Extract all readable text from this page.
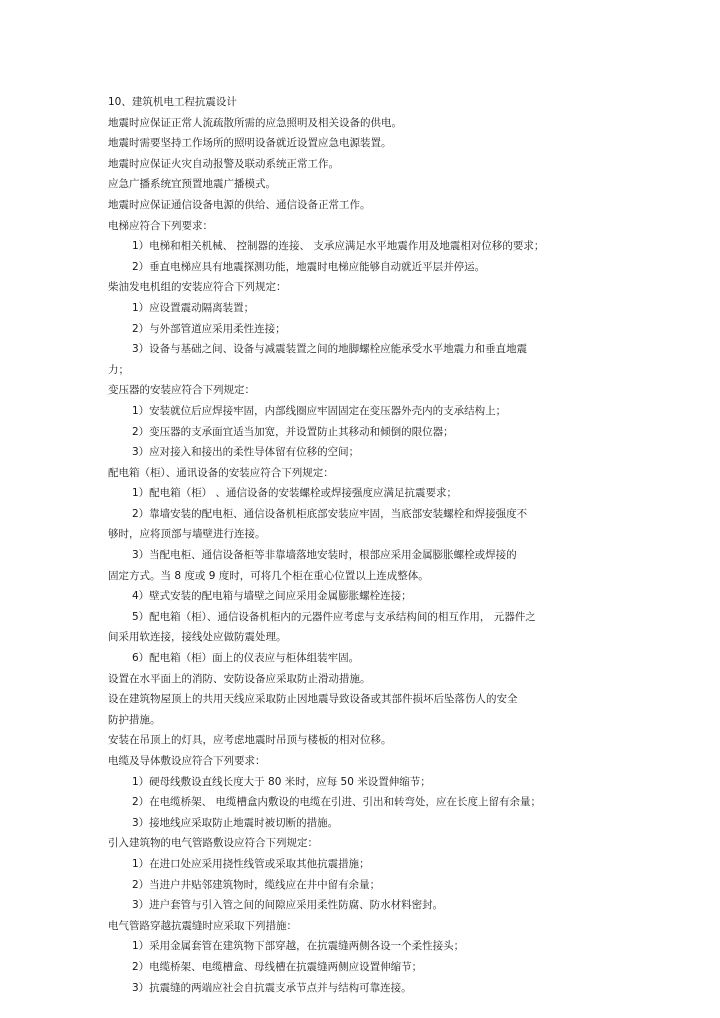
10、建筑机电工程抗震设计
地震时应保证正常人流疏散所需的应急照明及相关设备的供电。
地震时需要坚持工作场所的照明设备就近设置应急电源装置。
地震时应保证火灾自动报警及联动系统正常工作。
应急广播系统宜预置地震广播模式。
地震时应保证通信设备电源的供给、通信设备正常工作。
电梯应符合下列要求：
1）电梯和相关机械、 控制器的连接、 支承应满足水平地震作用及地震相对位移的要求；
2）垂直电梯应具有地震探测功能，地震时电梯应能够自动就近平层并停运。
柴油发电机组的安装应符合下列规定：
1）应设置震动隔离装置；
2）与外部管道应采用柔性连接；
3）设备与基础之间、设备与减震装置之间的地脚螺栓应能承受水平地震力和垂直地震
力；
变压器的安装应符合下列规定：
1）安装就位后应焊接牢固，内部线圈应牢固固定在变压器外壳内的支承结构上；
2）变压器的支承面宜适当加宽，并设置防止其移动和倾倒的限位器；
3）应对接入和接出的柔性导体留有位移的空间；
配电箱（柜）、通讯设备的安装应符合下列规定：
1）配电箱（柜） 、通信设备的安装螺栓或焊接强度应满足抗震要求；
2）靠墙安装的配电柜、通信设备机柜底部安装应牢固，当底部安装螺栓和焊接强度不
够时，应将顶部与墙壁进行连接。
3）当配电柜、通信设备柜等非靠墙落地安装时，根部应采用金属膨胀螺栓或焊接的
固定方式。当 8 度或 9 度时，可将几个柜在重心位置以上连成整体。
4）壁式安装的配电箱与墙壁之间应采用金属膨胀螺栓连接；
5）配电箱（柜）、通信设备机柜内的元器件应考虑与支承结构间的相互作用， 元器件之
间采用软连接，接线处应做防震处理。
6）配电箱（柜）面上的仪表应与柜体组装牢固。
设置在水平面上的消防、安防设备应采取防止滑动措施。
设在建筑物屋顶上的共用天线应采取防止因地震导致设备或其部件损坏后坠落伤人的安全
防护措施。
安装在吊顶上的灯具，应考虑地震时吊顶与楼板的相对位移。
电缆及导体敷设应符合下列要求：
1）硬母线敷设直线长度大于 80 米时，应每 50 米设置伸缩节；
2）在电缆桥架、 电缆槽盒内敷设的电缆在引进、引出和转弯处，应在长度上留有余量；
3）接地线应采取防止地震时被切断的措施。
引入建筑物的电气管路敷设应符合下列规定：
1）在进口处应采用挠性线管或采取其他抗震措施；
2）当进户井贴邻建筑物时，缆线应在井中留有余量；
3）进户套管与引入管之间的间隙应采用柔性防腐、防水材料密封。
电气管路穿越抗震缝时应采取下列措施：
1）采用金属套管在建筑物下部穿越，在抗震缝两侧各设一个柔性接头；
2）电缆桥架、电缆槽盒、母线槽在抗震缝两侧应设置伸缩节；
3）抗震缝的两端应社会自抗震支承节点并与结构可靠连接。
